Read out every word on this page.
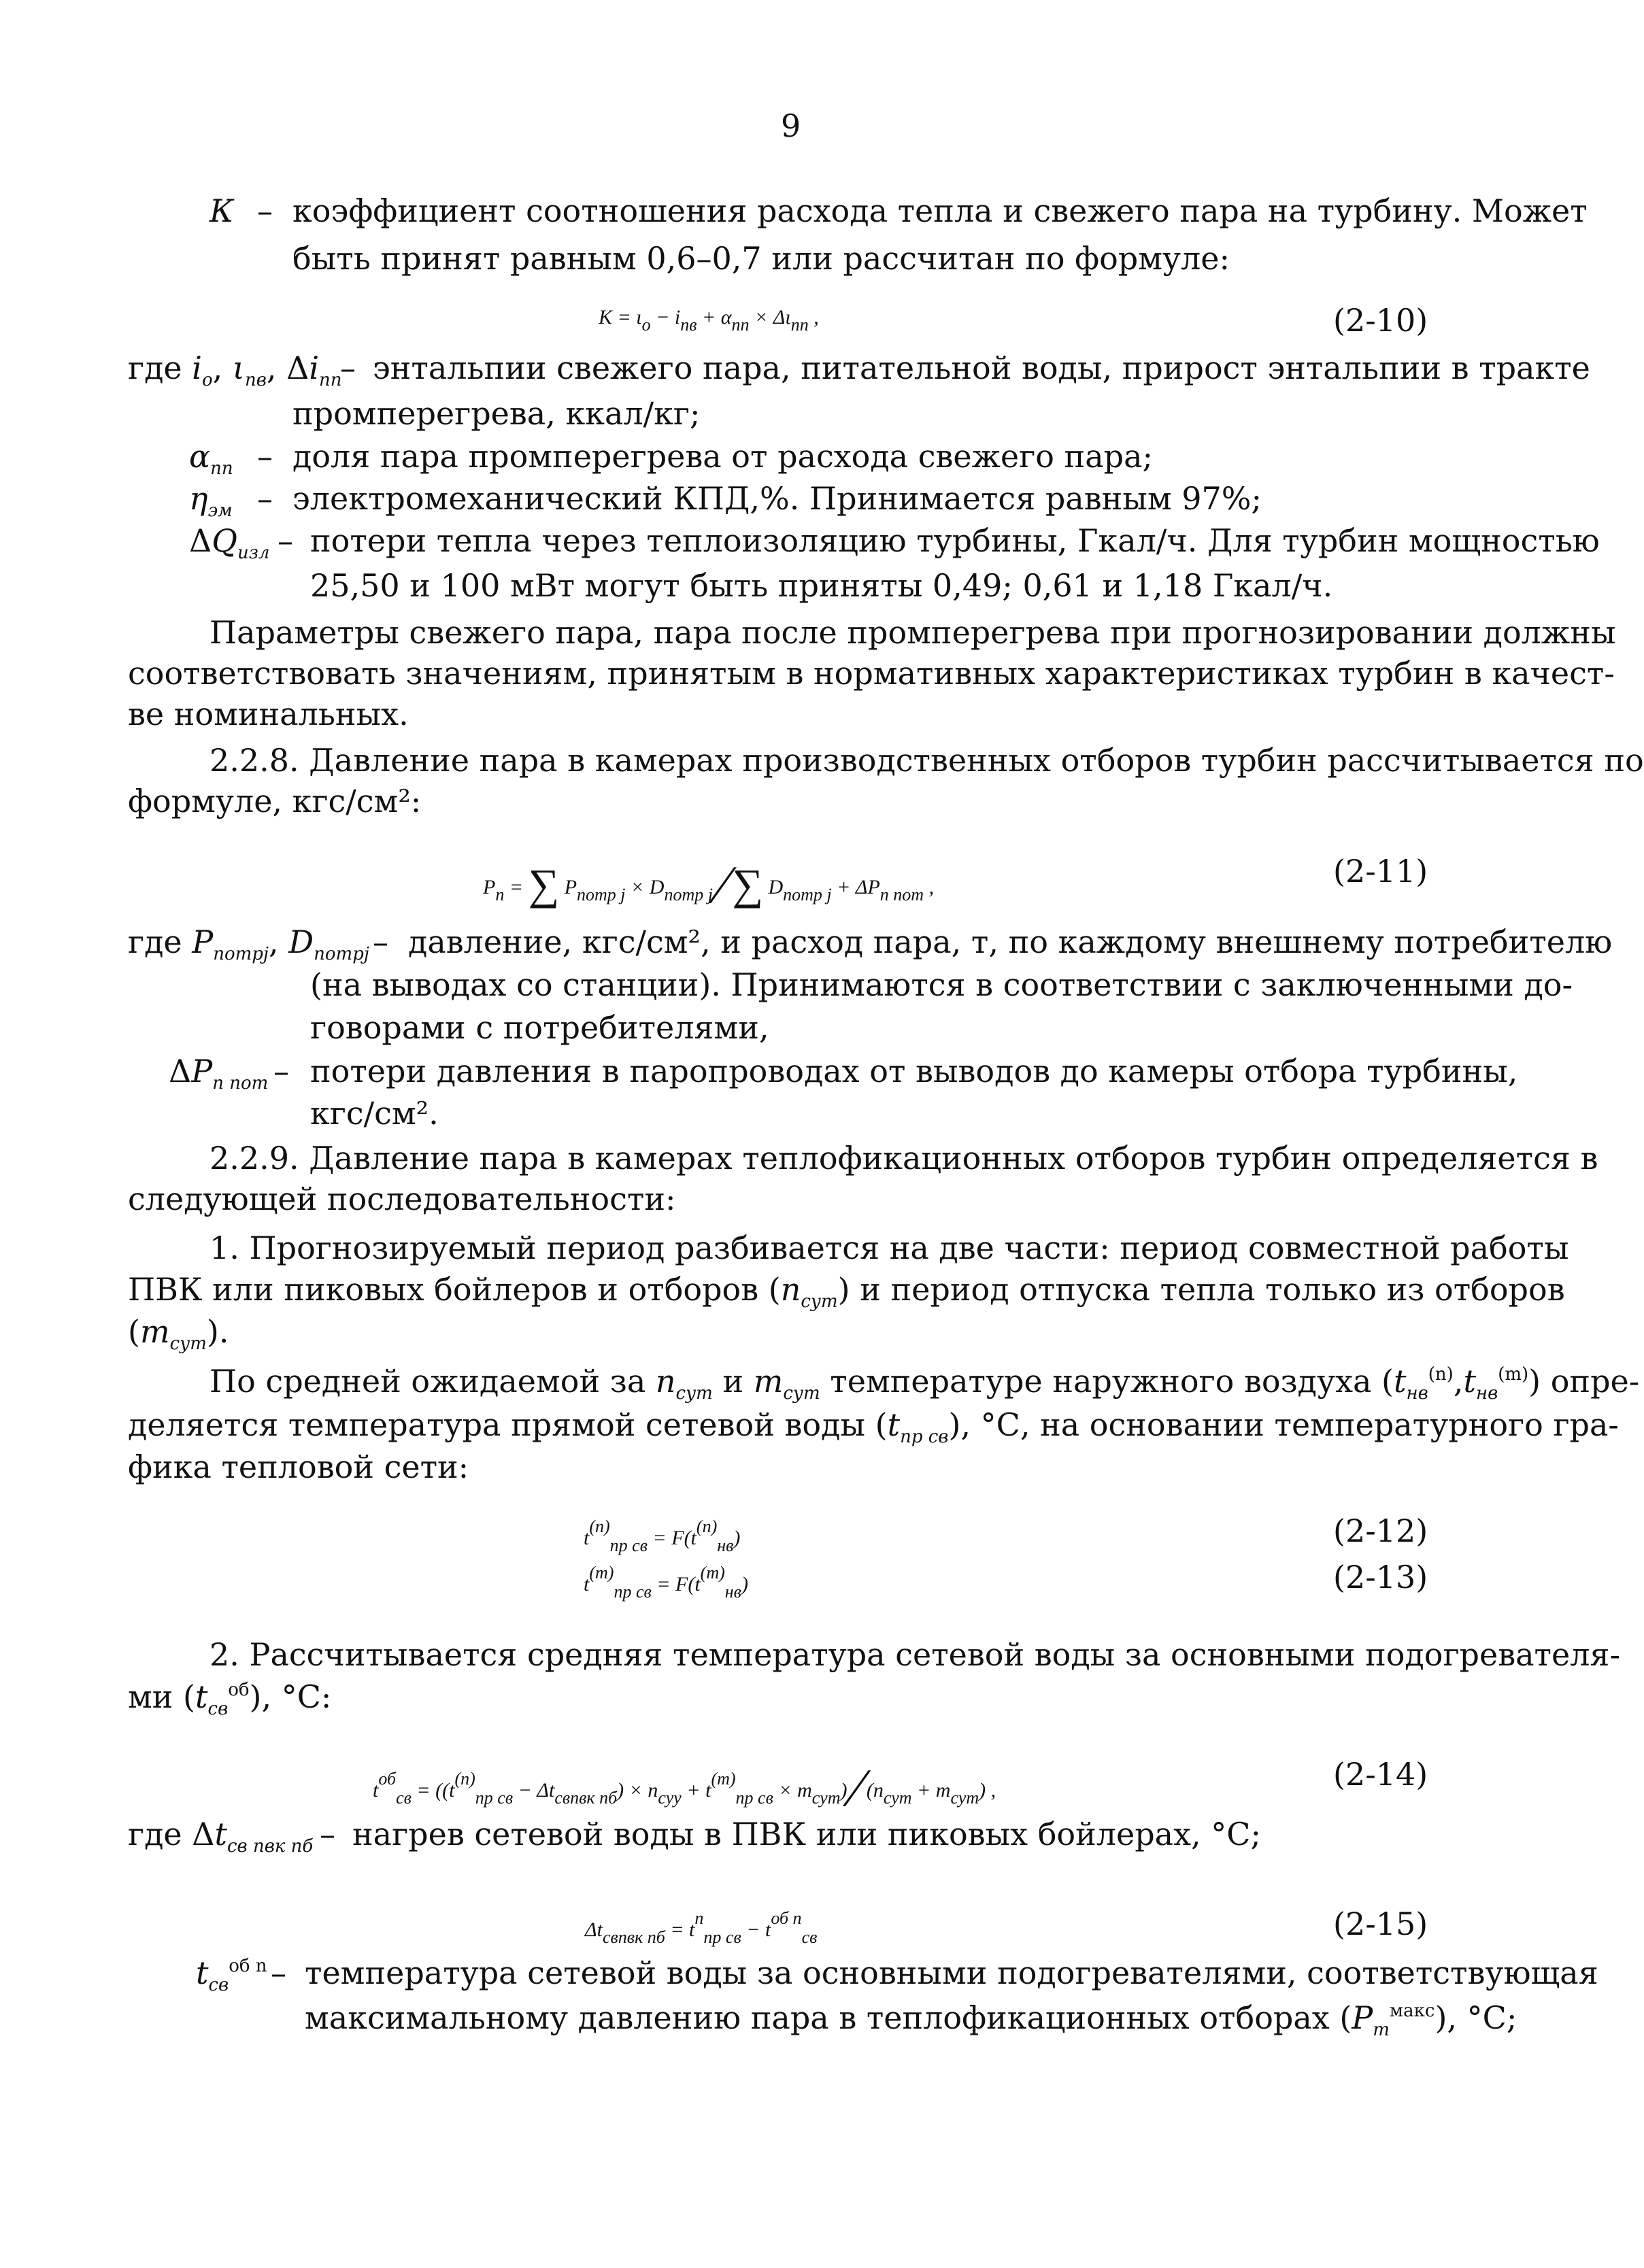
9
К – коэффициент соотношения расхода тепла и свежего пара на турбину. Может
быть принят равным 0,6–0,7 или рассчитан по формуле:
K = ιo − iпв + αпп × Διпп ,	(2-10)
где $i_o$, $\iota_{пв}$, $\Delta i_{пп}$
– энтальпии свежего пара, питательной воды, прирост энтальпии в тракте
промперегрева, ккал/кг;
$\alpha_{пп}$ – доля пара промперегрева от расхода свежего пара;
$\eta_{эм}$ – электромеханический КПД,%. Принимается равным 97%;
$\Delta Q_{изл}$ – потери тепла через теплоизоляцию турбины, Гкал/ч. Для турбин мощностью
25,50 и 100 мВт могут быть приняты 0,49; 0,61 и 1,18 Гкал/ч.
Параметры свежего пара, пара после промперегрева при прогнозировании должны
соответствовать значениям, принятым в нормативных характеристиках турбин в качест-
ве номинальных.
2.2.8. Давление пара в камерах производственных отборов турбин рассчитывается по
формуле, кгс/см²:
Pп = ∑ Pпотр j × Dпотр j ⁄ ∑ Dпотр j + ΔPп пот ,	(2-11)
где $P_{потрj}$, $D_{потрj}$ – давление, кгс/см², и расход пара, т, по каждому внешнему потребителю
(на выводах со станции). Принимаются в соответствии с заключенными до-
говорами с потребителями,
$\Delta P_{п пот}$ – потери давления в паропроводах от выводов до камеры отбора турбины,
кгс/см².
2.2.9. Давление пара в камерах теплофикационных отборов турбин определяется в
следующей последовательности:
1. Прогнозируемый период разбивается на две части: период совместной работы
ПВК или пиковых бойлеров и отборов $(n_{сут})$ и период отпуска тепла только из отборов
$(m_{сут})$.
По средней ожидаемой за $n_{сут}$ и $m_{сут}$ температуре наружного воздуха $(t_{нв}^{(n)},t_{нв}^{(m)})$ опре-
деляется температура прямой сетевой воды $(t_{пр св})$, °С, на основании температурного гра-
фика тепловой сети:
t(n)пр св = F(t(n)нв)	(2-12)
t(m)пр св = F(t(m)нв)	(2-13)
2. Рассчитывается средняя температура сетевой воды за основными подогревателя-
ми $(t_{св}^{об})$, °С:
tобсв = ((t(n)пр св − Δtсвпвк пб) × nсуу + t(m)пр св × mсут) ⁄ (nсут + mсут) ,	(2-14)
где $\Delta t_{св пвк пб}$ – нагрев сетевой воды в ПВК или пиковых бойлерах, °С;
Δtсвпвк пб = tnпр св − tоб nсв	(2-15)
$t_{св}^{об n}$ – температура сетевой воды за основными подогревателями, соответствующая
максимальному давлению пара в теплофикационных отборах $(P_т^{макс})$, °С;
